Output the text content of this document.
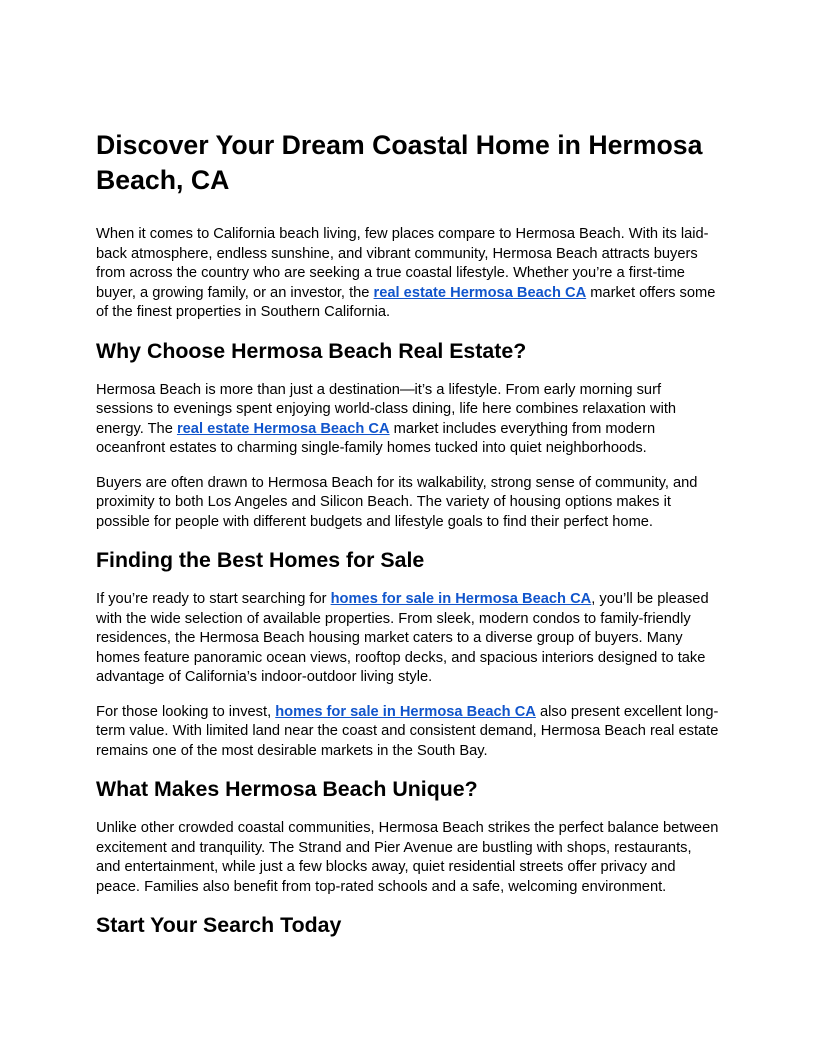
Discover Your Dream Coastal Home in Hermosa Beach, CA

When it comes to California beach living, few places compare to Hermosa Beach. With its laid-back atmosphere, endless sunshine, and vibrant community, Hermosa Beach attracts buyers from across the country who are seeking a true coastal lifestyle. Whether you’re a first-time buyer, a growing family, or an investor, the real estate Hermosa Beach CA market offers some of the finest properties in Southern California.

Why Choose Hermosa Beach Real Estate?

Hermosa Beach is more than just a destination—it’s a lifestyle. From early morning surf sessions to evenings spent enjoying world-class dining, life here combines relaxation with energy. The real estate Hermosa Beach CA market includes everything from modern oceanfront estates to charming single-family homes tucked into quiet neighborhoods.

Buyers are often drawn to Hermosa Beach for its walkability, strong sense of community, and proximity to both Los Angeles and Silicon Beach. The variety of housing options makes it possible for people with different budgets and lifestyle goals to find their perfect home.

Finding the Best Homes for Sale

If you’re ready to start searching for homes for sale in Hermosa Beach CA, you’ll be pleased with the wide selection of available properties. From sleek, modern condos to family-friendly residences, the Hermosa Beach housing market caters to a diverse group of buyers. Many homes feature panoramic ocean views, rooftop decks, and spacious interiors designed to take advantage of California’s indoor-outdoor living style.

For those looking to invest, homes for sale in Hermosa Beach CA also present excellent long-term value. With limited land near the coast and consistent demand, Hermosa Beach real estate remains one of the most desirable markets in the South Bay.

What Makes Hermosa Beach Unique?

Unlike other crowded coastal communities, Hermosa Beach strikes the perfect balance between excitement and tranquility. The Strand and Pier Avenue are bustling with shops, restaurants, and entertainment, while just a few blocks away, quiet residential streets offer privacy and peace. Families also benefit from top-rated schools and a safe, welcoming environment.

Start Your Search Today
